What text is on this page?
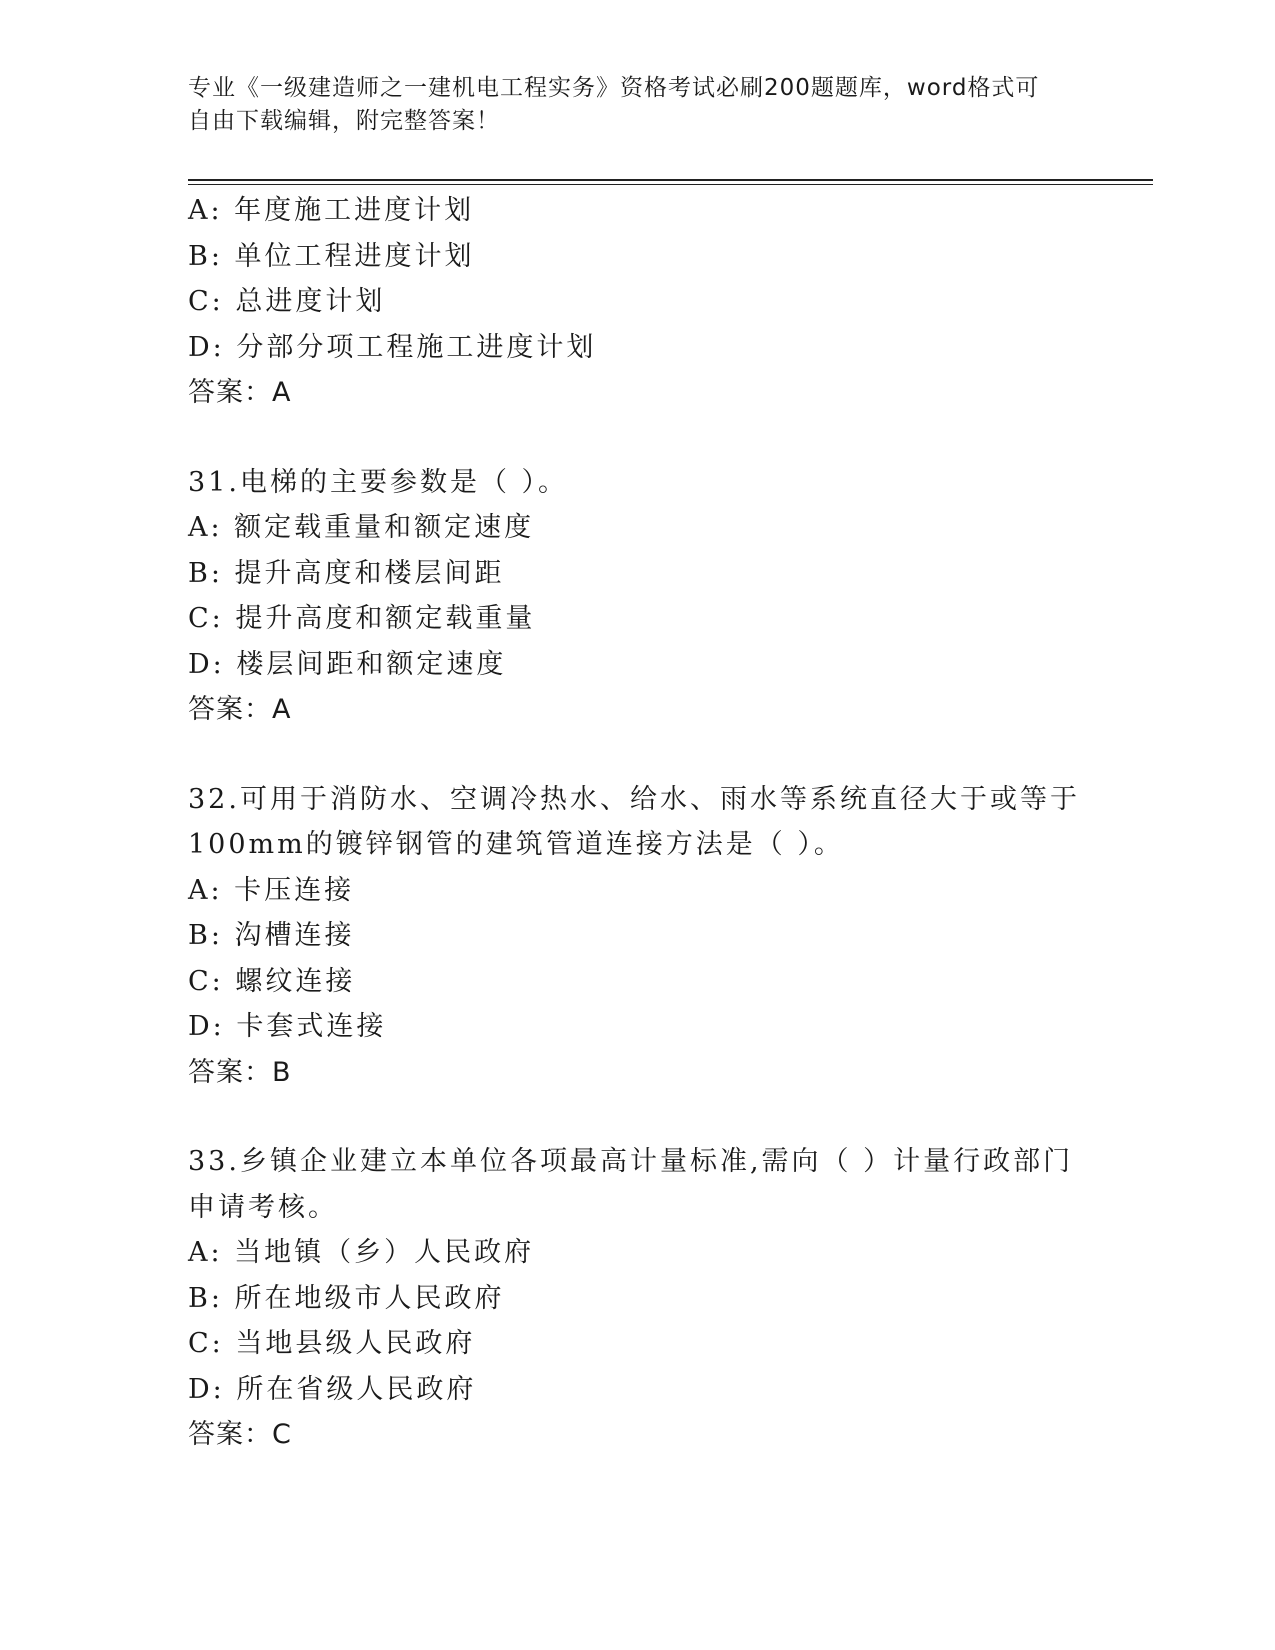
专业《一级建造师之一建机电工程实务》资格考试必刷200题题库，word格式可
自由下载编辑，附完整答案！
A: 年度施工进度计划
B: 单位工程进度计划
C: 总进度计划
D: 分部分项工程施工进度计划
答案：A
31.电梯的主要参数是（ ）。
A: 额定载重量和额定速度
B: 提升高度和楼层间距
C: 提升高度和额定载重量
D: 楼层间距和额定速度
答案：A
32.可用于消防水、空调冷热水、给水、雨水等系统直径大于或等于
100mm的镀锌钢管的建筑管道连接方法是（ ）。
A: 卡压连接
B: 沟槽连接
C: 螺纹连接
D: 卡套式连接
答案：B
33.乡镇企业建立本单位各项最高计量标准,需向（ ）计量行政部门
申请考核。
A: 当地镇（乡）人民政府
B: 所在地级市人民政府
C: 当地县级人民政府
D: 所在省级人民政府
答案：C
